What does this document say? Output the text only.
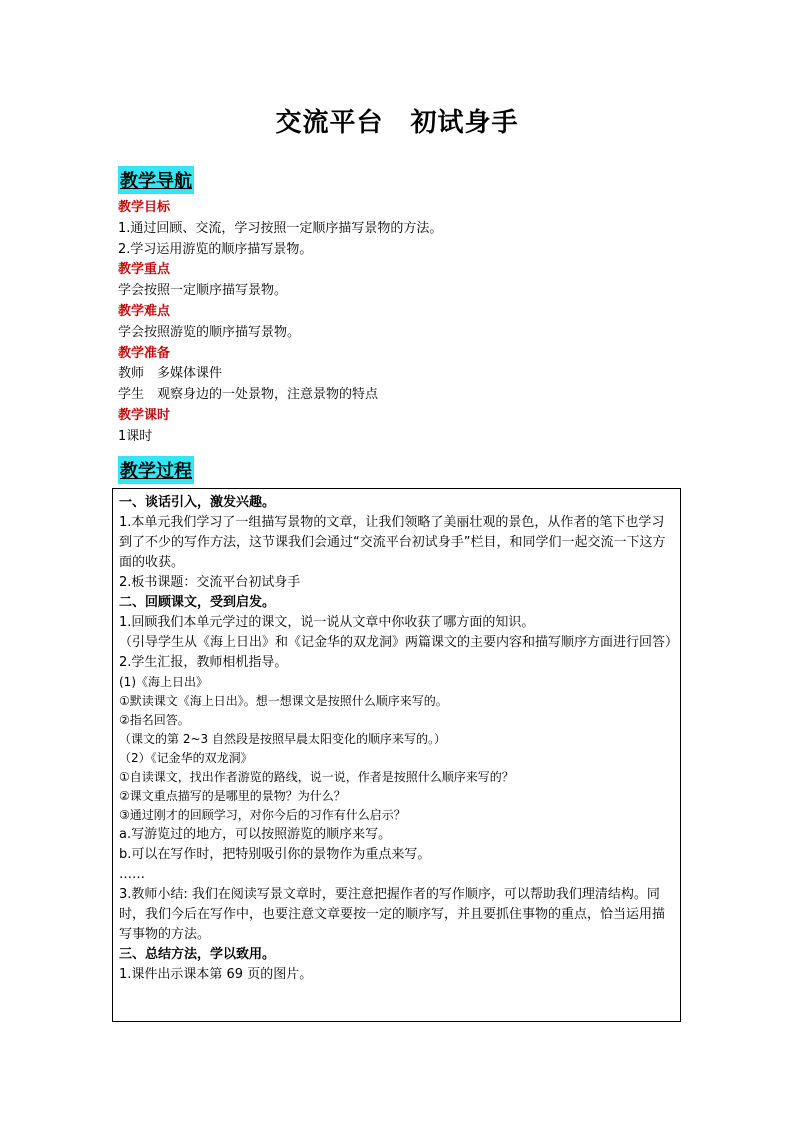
交流平台　初试身手
教学导航
教学目标
1.通过回顾、交流，学习按照一定顺序描写景物的方法。
2.学习运用游览的顺序描写景物。
教学重点
学会按照一定顺序描写景物。
教学难点
学会按照游览的顺序描写景物。
教学准备
教师　多媒体课件
学生　观察身边的一处景物，注意景物的特点
教学课时
1课时
教学过程

一、谈话引入，激发兴趣。

1.本单元我们学习了一组描写景物的文章，让我们领略了美丽壮观的景色，从作者的笔下也学习到了不少的写作方法，这节课我们会通过“交流平台初试身手”栏目，和同学们一起交流一下这方面的收获。

2.板书课题：交流平台初试身手

二、回顾课文，受到启发。

1.回顾我们本单元学过的课文，说一说从文章中你收获了哪方面的知识。

（引导学生从《海上日出》和《记金华的双龙洞》两篇课文的主要内容和描写顺序方面进行回答）

2.学生汇报，教师相机指导。

(1)《海上日出》

①默读课文《海上日出》。想一想课文是按照什么顺序来写的。

②指名回答。

（课文的第 2~3 自然段是按照早晨太阳变化的顺序来写的。）

（2）《记金华的双龙洞》

①自读课文，找出作者游览的路线，说一说，作者是按照什么顺序来写的？

②课文重点描写的是哪里的景物？为什么？

③通过刚才的回顾学习，对你今后的习作有什么启示？

a.写游览过的地方，可以按照游览的顺序来写。

b.可以在写作时，把特别吸引你的景物作为重点来写。

……

3.教师小结: 我们在阅读写景文章时，要注意把握作者的写作顺序，可以帮助我们理清结构。同时，我们今后在写作中，也要注意文章要按一定的顺序写，并且要抓住事物的重点，恰当运用描写事物的方法。

三、总结方法，学以致用。

1.课件出示课本第 69 页的图片。
